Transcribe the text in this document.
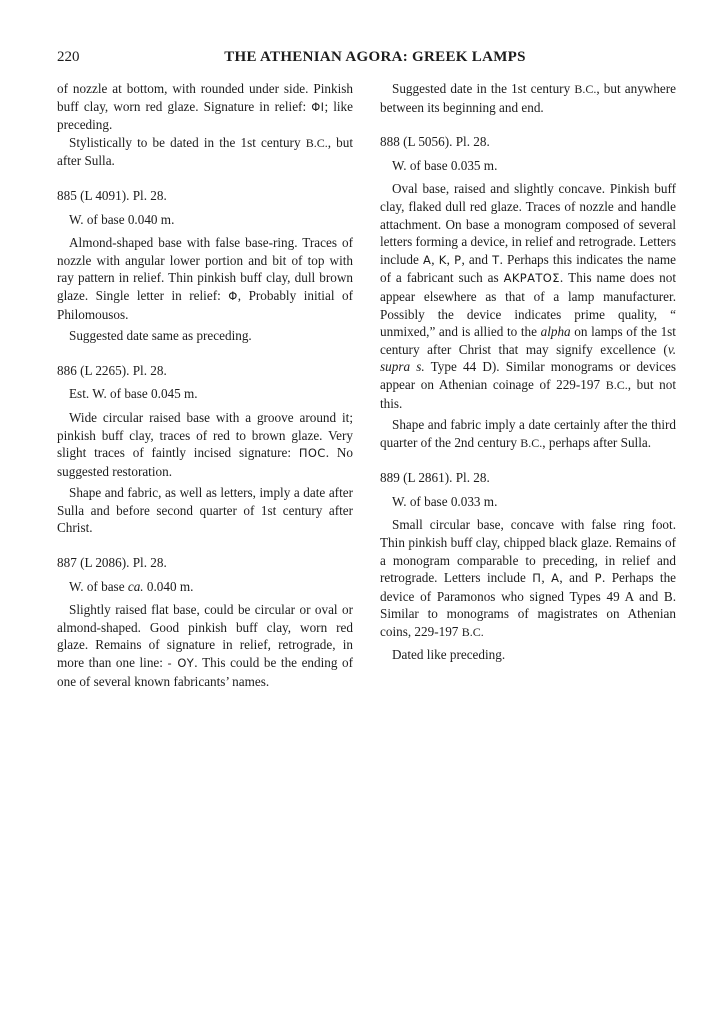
220	THE ATHENIAN AGORA: GREEK LAMPS

of nozzle at bottom, with rounded under side. Pinkish buff clay, worn red glaze. Signature in relief: ΦΙ; like preceding.

Stylistically to be dated in the 1st century B.C., but after Sulla.

885 (L 4091). Pl. 28.

W. of base 0.040 m.

Almond-shaped base with false base-ring. Traces of nozzle with angular lower portion and bit of top with ray pattern in relief. Thin pinkish buff clay, dull brown glaze. Single letter in relief: Φ, Probably initial of Philomousos.

Suggested date same as preceding.

886 (L 2265). Pl. 28.

Est. W. of base 0.045 m.

Wide circular raised base with a groove around it; pinkish buff clay, traces of red to brown glaze. Very slight traces of faintly incised signature: ΠΟϹ. No suggested restoration.

Shape and fabric, as well as letters, imply a date after Sulla and before second quarter of 1st century after Christ.

887 (L 2086). Pl. 28.

W. of base ca. 0.040 m.

Slightly raised flat base, could be circular or oval or almond-shaped. Good pinkish buff clay, worn red glaze. Remains of signature in relief, retrograde, in more than one line: - ΟΥ. This could be the ending of one of several known fabricants’ names.

Suggested date in the 1st century B.C., but anywhere between its beginning and end.

888 (L 5056). Pl. 28.

W. of base 0.035 m.

Oval base, raised and slightly concave. Pinkish buff clay, flaked dull red glaze. Traces of nozzle and handle attachment. On base a monogram composed of several letters forming a device, in relief and retrograde. Letters include Α, Κ, Ρ, and Τ. Perhaps this indicates the name of a fabricant such as ΑΚΡΑΤΟΣ. This name does not appear elsewhere as that of a lamp manufacturer. Possibly the device indicates prime quality, “ unmixed,” and is allied to the alpha on lamps of the 1st century after Christ that may signify excellence (v. supra s. Type 44 D). Similar monograms or devices appear on Athenian coinage of 229-197 B.C., but not this.

Shape and fabric imply a date certainly after the third quarter of the 2nd century B.C., perhaps after Sulla.

889 (L 2861). Pl. 28.

W. of base 0.033 m.

Small circular base, concave with false ring foot. Thin pinkish buff clay, chipped black glaze. Remains of a monogram comparable to preceding, in relief and retrograde. Letters include Π, Α, and Ρ. Perhaps the device of Paramonos who signed Types 49 A and B. Similar to monograms of magistrates on Athenian coins, 229-197 B.C.

Dated like preceding.
